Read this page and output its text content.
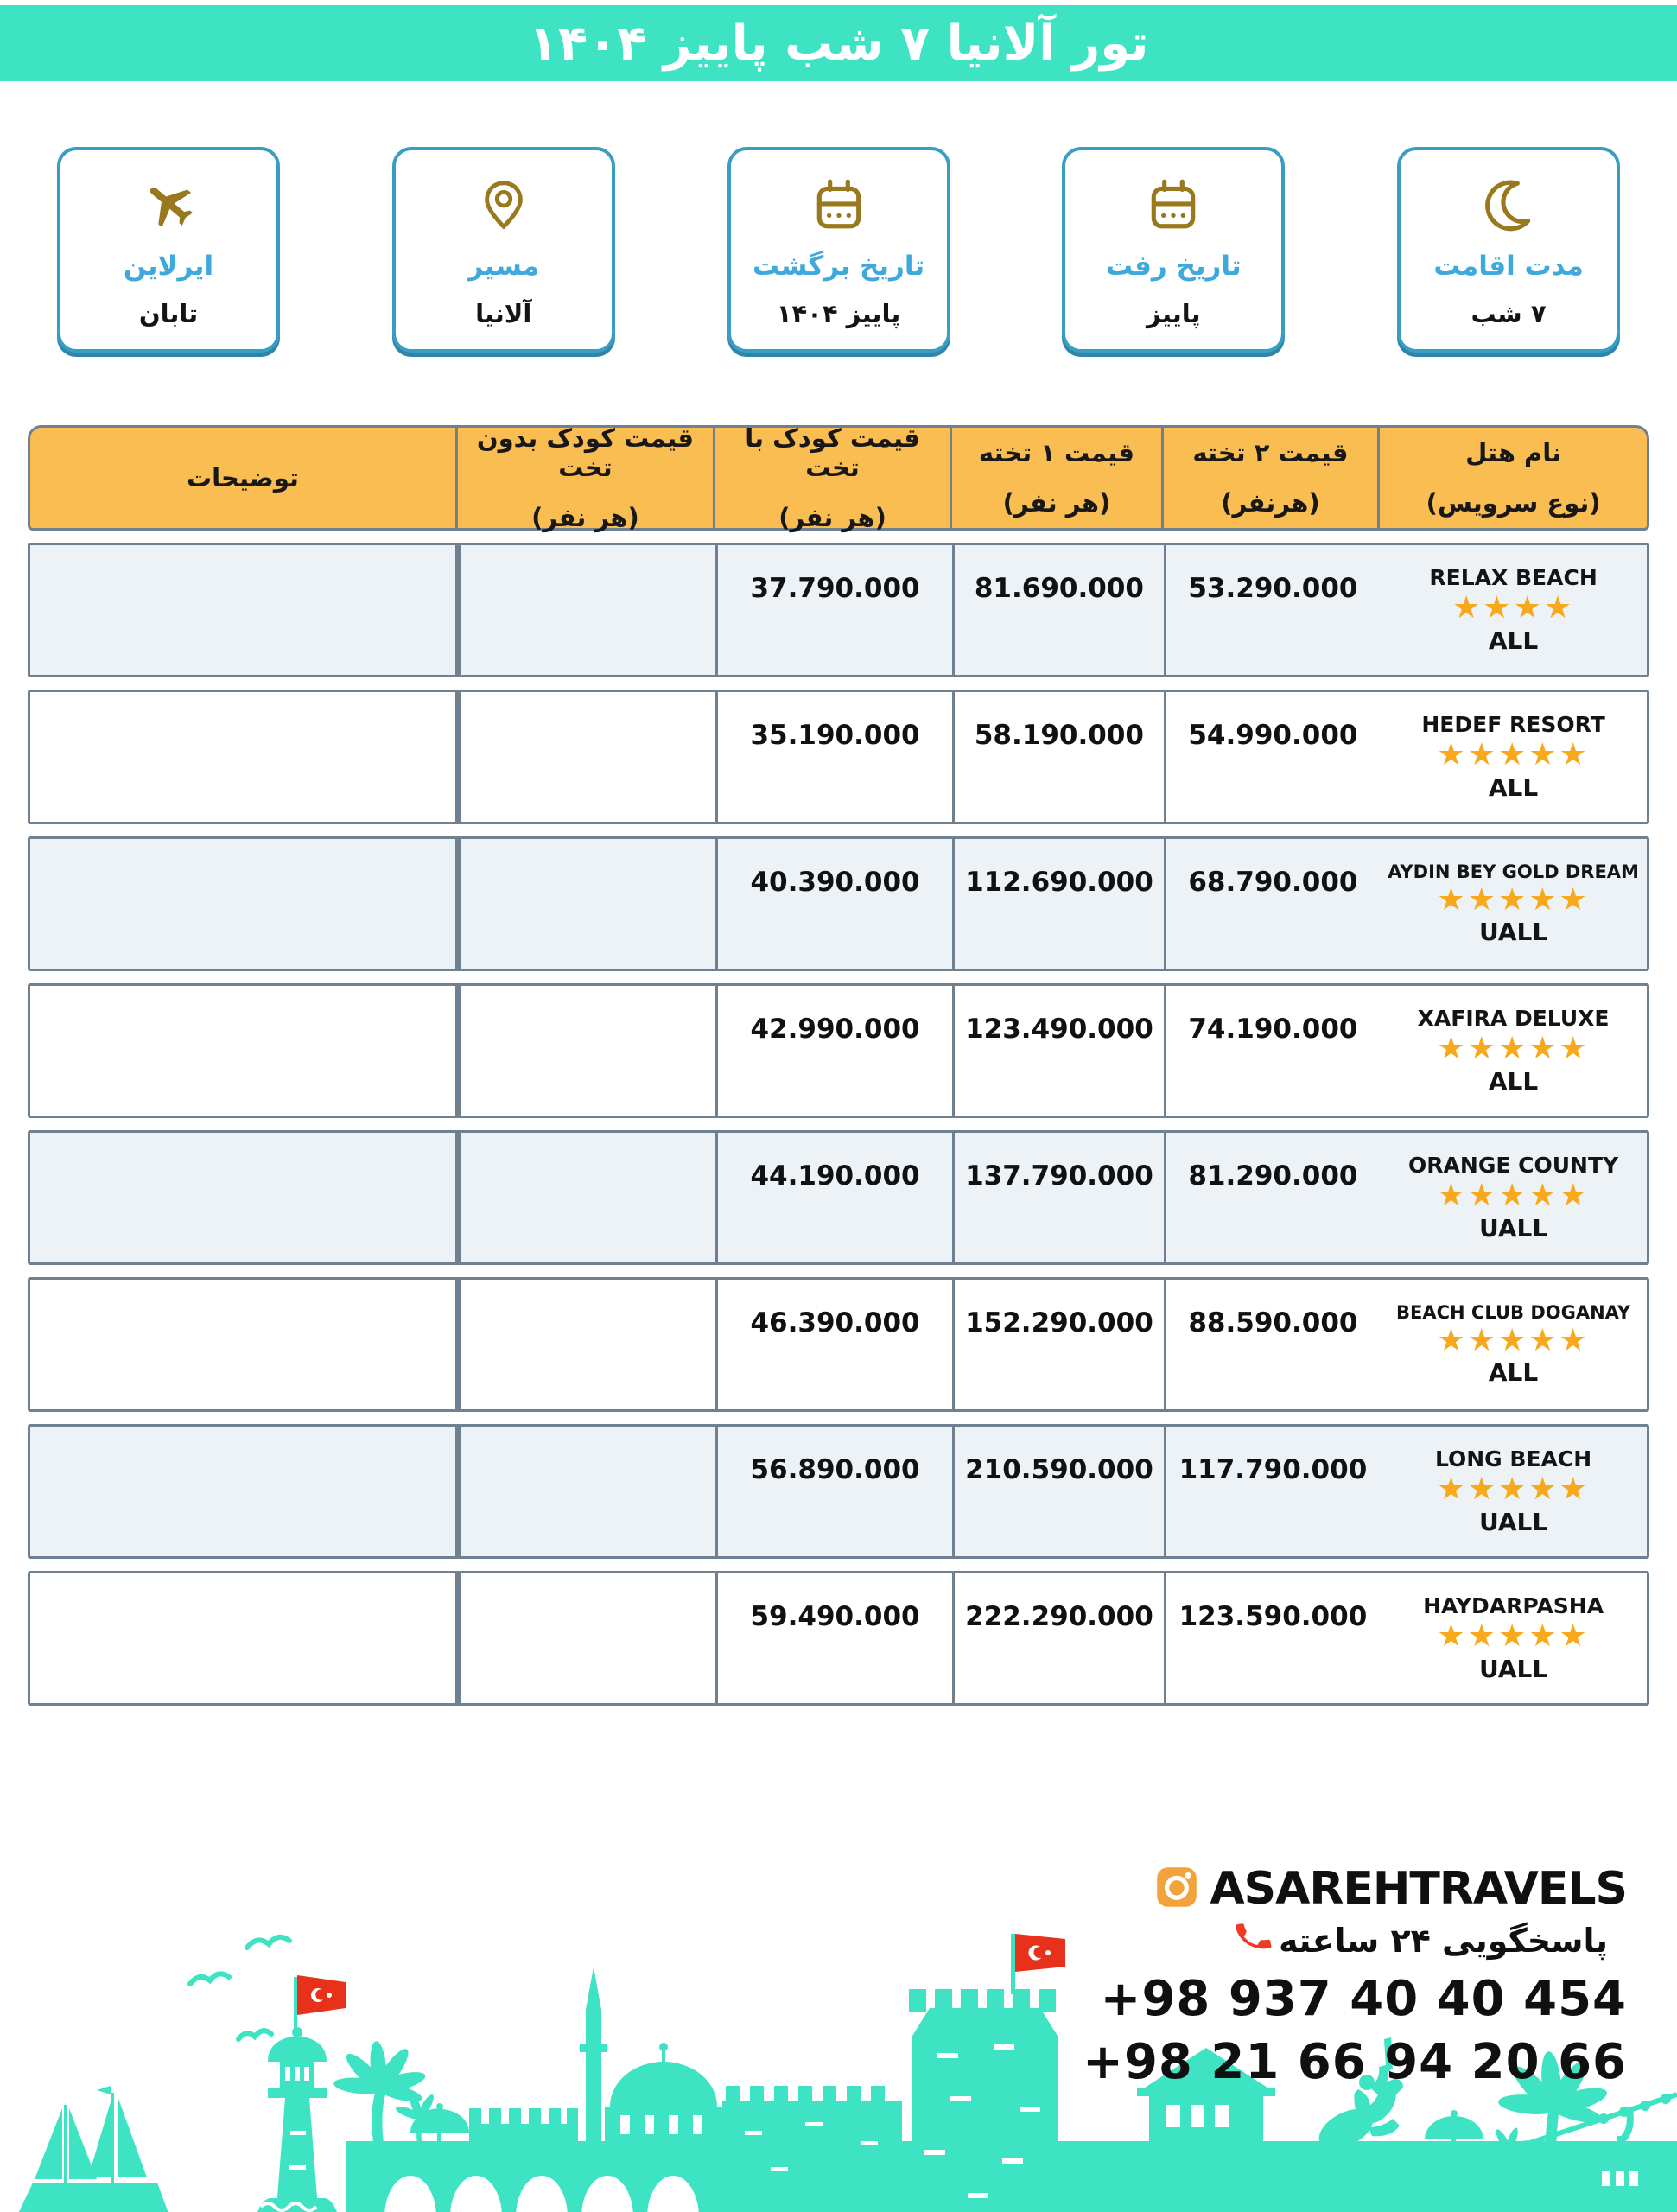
تور آلانیا ۷ شب پاییز ۱۴۰۴
مدت اقامت
۷ شب
تاریخ رفت
پاییز
تاریخ برگشت
پاییز ۱۴۰۴
مسیر
آلانیا
ایرلاین
تابان
نام هتل
(نوع سرویس)
قیمت ۲ تخته
(هرنفر)
قیمت ۱ تخته
(هر نفر)
قیمت کودک با تخت
(هر نفر)
قیمت کودک بدون تخت
(هر نفر)
توضیحات
RELAX BEACH
★★★★
ALL
53.290.000
81.690.000
37.790.000
HEDEF RESORT
★★★★★
ALL
54.990.000
58.190.000
35.190.000
AYDIN BEY GOLD DREAM
★★★★★
UALL
68.790.000
112.690.000
40.390.000
XAFIRA DELUXE
★★★★★
ALL
74.190.000
123.490.000
42.990.000
ORANGE COUNTY
★★★★★
UALL
81.290.000
137.790.000
44.190.000
BEACH CLUB DOGANAY
★★★★★
ALL
88.590.000
152.290.000
46.390.000
LONG BEACH
★★★★★
UALL
117.790.000
210.590.000
56.890.000
HAYDARPASHA
★★★★★
UALL
123.590.000
222.290.000
59.490.000
ASAREHTRAVELS
پاسخگویی ۲۴ ساعته
+98 937 40 40 454
+98 21 66 94 20 66
